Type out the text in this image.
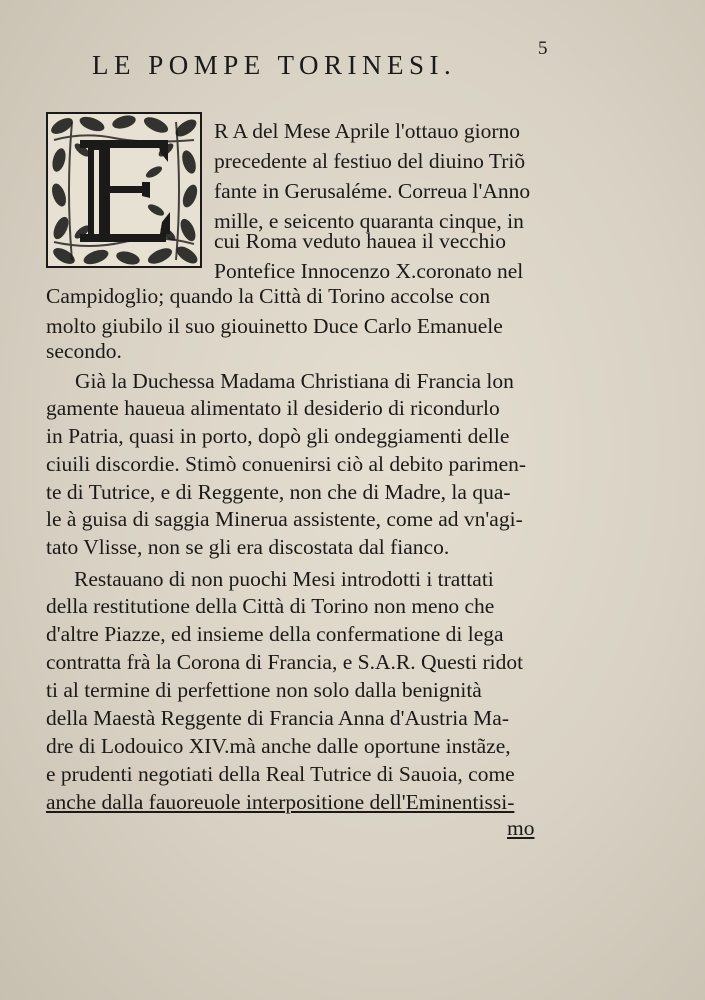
LE POMPE TORINESI.
5
R A del Mese Aprile l'ottauo giorno
precedente al festiuo del diuino Triõ
fante in Gerusaléme. Correua l'Anno
mille, e seicento quaranta cinque, in
cui Roma veduto hauea il vecchio
Pontefice Innocenzo X.coronato nel
Campidoglio; quando la Città di Torino accolse con
molto giubilo il suo giouinetto Duce Carlo Emanuele
secondo.
Già la Duchessa Madama Christiana di Francia lon
gamente haueua alimentato il desiderio di ricondurlo
in Patria, quasi in porto, dopò gli ondeggiamenti delle
ciuili discordie. Stimò conuenirsi ciò al debito parimen-
te di Tutrice, e di Reggente, non che di Madre, la qua-
le à guisa di saggia Minerua assistente, come ad vn'agi-
tato Vlisse, non se gli era discostata dal fianco.
Restauano di non puochi Mesi introdotti i trattati
della restitutione della Città di Torino non meno che
d'altre Piazze, ed insieme della confermatione di lega
contratta frà la Corona di Francia, e S.A.R. Questi ridot
ti al termine di perfettione non solo dalla benignità
della Maestà Reggente di Francia Anna d'Austria Ma-
dre di Lodouico XIV.mà anche dalle oportune instãze,
e prudenti negotiati della Real Tutrice di Sauoia, come
anche dalla fauoreuole interpositione dell'Eminentissi-
mo
